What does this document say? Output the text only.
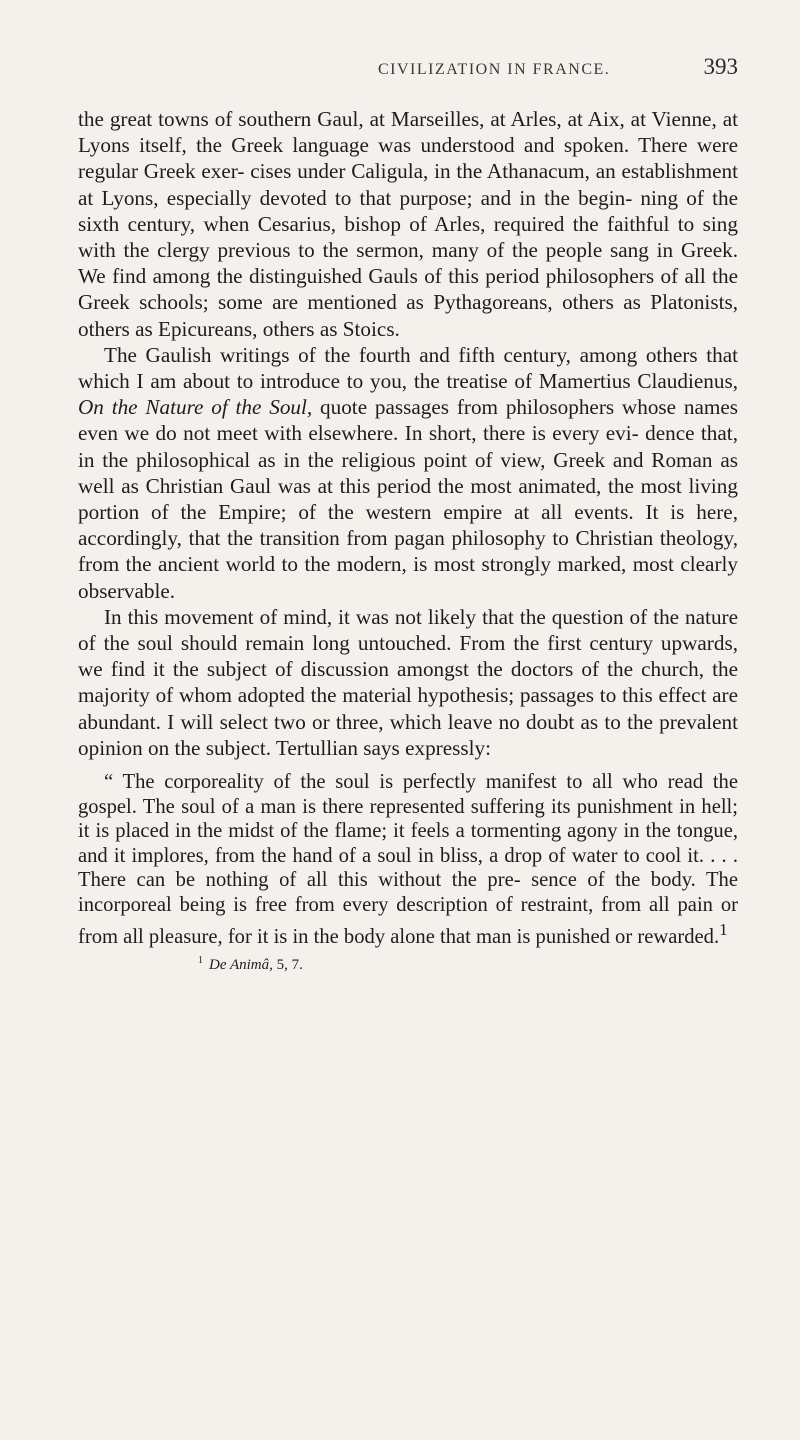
CIVILIZATION IN FRANCE.	393

the great towns of southern Gaul, at Marseilles, at Arles, at Aix, at Vienne, at Lyons itself, the Greek language was understood and spoken. There were regular Greek exer- cises under Caligula, in the Athanacum, an establishment at Lyons, especially devoted to that purpose; and in the begin- ning of the sixth century, when Cesarius, bishop of Arles, required the faithful to sing with the clergy previous to the sermon, many of the people sang in Greek. We find among the distinguished Gauls of this period philosophers of all the Greek schools; some are mentioned as Pythagoreans, others as Platonists, others as Epicureans, others as Stoics.

The Gaulish writings of the fourth and fifth century, among others that which I am about to introduce to you, the treatise of Mamertius Claudienus, On the Nature of the Soul, quote passages from philosophers whose names even we do not meet with elsewhere. In short, there is every evi- dence that, in the philosophical as in the religious point of view, Greek and Roman as well as Christian Gaul was at this period the most animated, the most living portion of the Empire; of the western empire at all events. It is here, accordingly, that the transition from pagan philosophy to Christian theology, from the ancient world to the modern, is most strongly marked, most clearly observable.

In this movement of mind, it was not likely that the question of the nature of the soul should remain long untouched. From the first century upwards, we find it the subject of discussion amongst the doctors of the church, the majority of whom adopted the material hypothesis; passages to this effect are abundant. I will select two or three, which leave no doubt as to the prevalent opinion on the subject. Tertullian says expressly:

“ The corporeality of the soul is perfectly manifest to all who read the gospel. The soul of a man is there represented suffering its punishment in hell; it is placed in the midst of the flame; it feels a tormenting agony in the tongue, and it implores, from the hand of a soul in bliss, a drop of water to cool it. . . . There can be nothing of all this without the pre- sence of the body. The incorporeal being is free from every description of restraint, from all pain or from all pleasure, for it is in the body alone that man is punished or rewarded.$^1$

$^1$ De Animâ, 5, 7.
